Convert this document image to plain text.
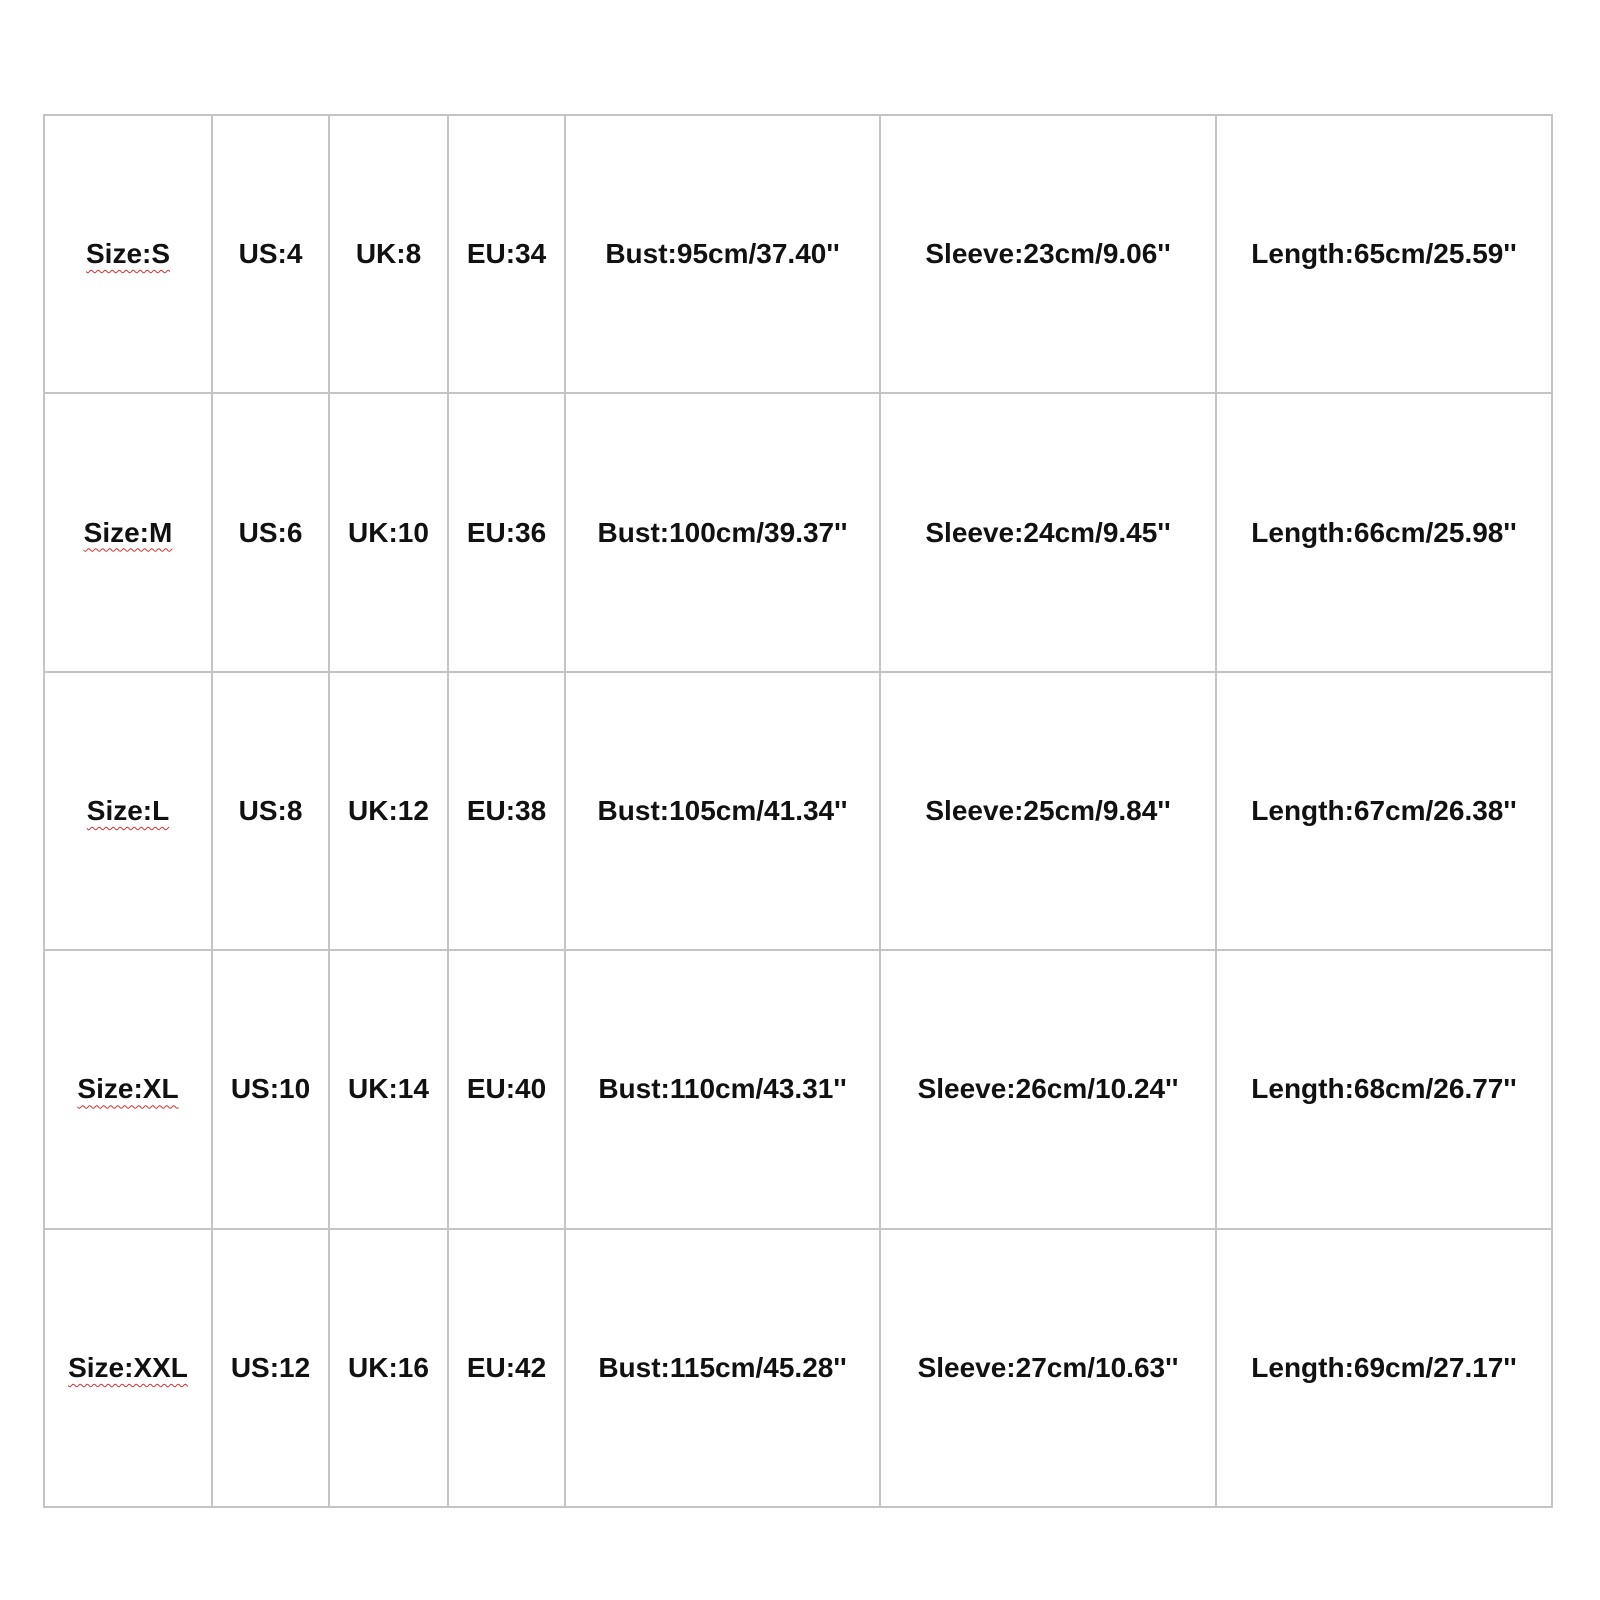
Size:S	US:4	UK:8	EU:34	Bust:95cm/37.40''	Sleeve:23cm/9.06''	Length:65cm/25.59''
Size:M	US:6	UK:10	EU:36	Bust:100cm/39.37''	Sleeve:24cm/9.45''	Length:66cm/25.98''
Size:L	US:8	UK:12	EU:38	Bust:105cm/41.34''	Sleeve:25cm/9.84''	Length:67cm/26.38''
Size:XL	US:10	UK:14	EU:40	Bust:110cm/43.31''	Sleeve:26cm/10.24''	Length:68cm/26.77''
Size:XXL	US:12	UK:16	EU:42	Bust:115cm/45.28''	Sleeve:27cm/10.63''	Length:69cm/27.17''
